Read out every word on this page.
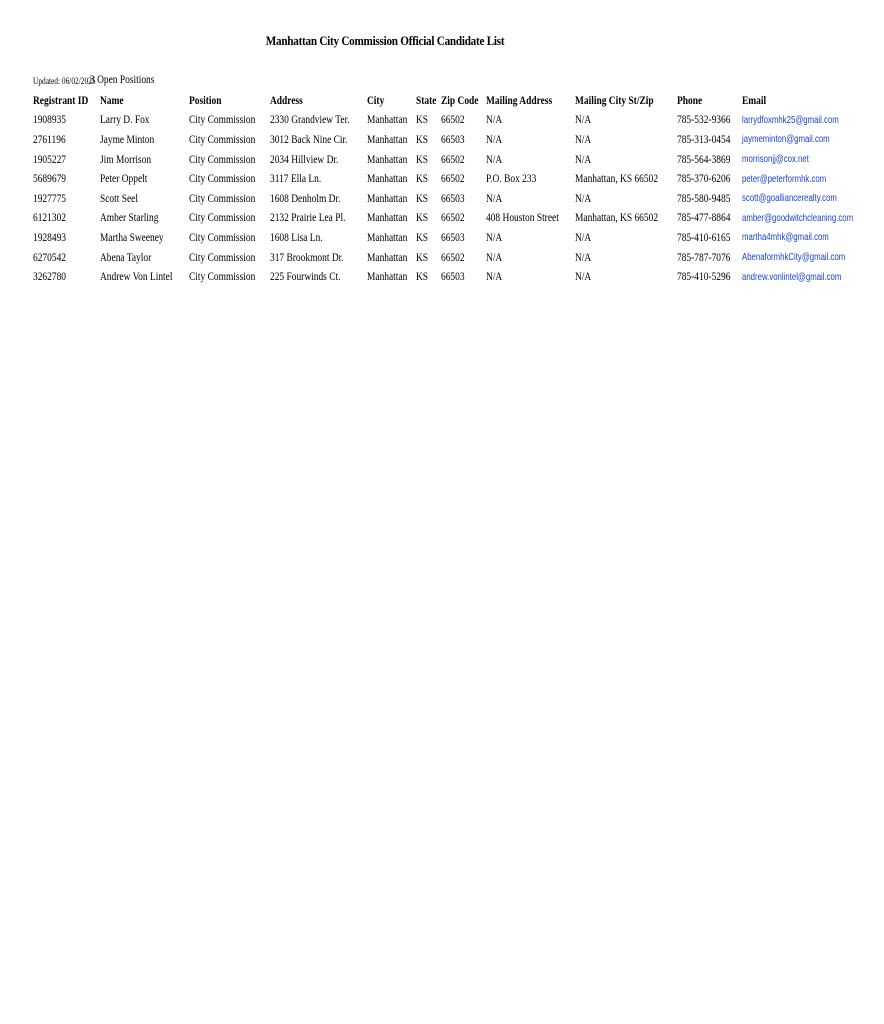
Manhattan City Commission Official Candidate List
Updated: 06/02/2025
3 Open Positions
Registrant ID	Name	Position	Address	City	State	Zip Code	Mailing Address	Mailing City St/Zip	Phone	Email
1908935	Larry D. Fox	City Commission	2330 Grandview Ter.	Manhattan	KS	66502	N/A	N/A	785-532-9366	larrydfoxmhk25@gmail.com
2761196	Jayme Minton	City Commission	3012 Back Nine Cir.	Manhattan	KS	66503	N/A	N/A	785-313-0454	jaymeminton@gmail.com
1905227	Jim Morrison	City Commission	2034 Hillview Dr.	Manhattan	KS	66502	N/A	N/A	785-564-3869	morrisonjj@cox.net
5689679	Peter Oppelt	City Commission	3117 Ella Ln.	Manhattan	KS	66502	P.O. Box 233	Manhattan, KS 66502	785-370-6206	peter@peterformhk.com
1927775	Scott Seel	City Commission	1608 Denholm Dr.	Manhattan	KS	66503	N/A	N/A	785-580-9485	scott@goalliancerealty.com
6121302	Amber Starling	City Commission	2132 Prairie Lea Pl.	Manhattan	KS	66502	408 Houston Street	Manhattan, KS 66502	785-477-8864	amber@goodwitchcleaning.com
1928493	Martha Sweeney	City Commission	1608 Lisa Ln.	Manhattan	KS	66503	N/A	N/A	785-410-6165	martha4mhk@gmail.com
6270542	Abena Taylor	City Commission	317 Brookmont Dr.	Manhattan	KS	66502	N/A	N/A	785-787-7076	AbenaformhkCity@gmail.com
3262780	Andrew Von Lintel	City Commission	225 Fourwinds Ct.	Manhattan	KS	66503	N/A	N/A	785-410-5296	andrew.vonlintel@gmail.com
